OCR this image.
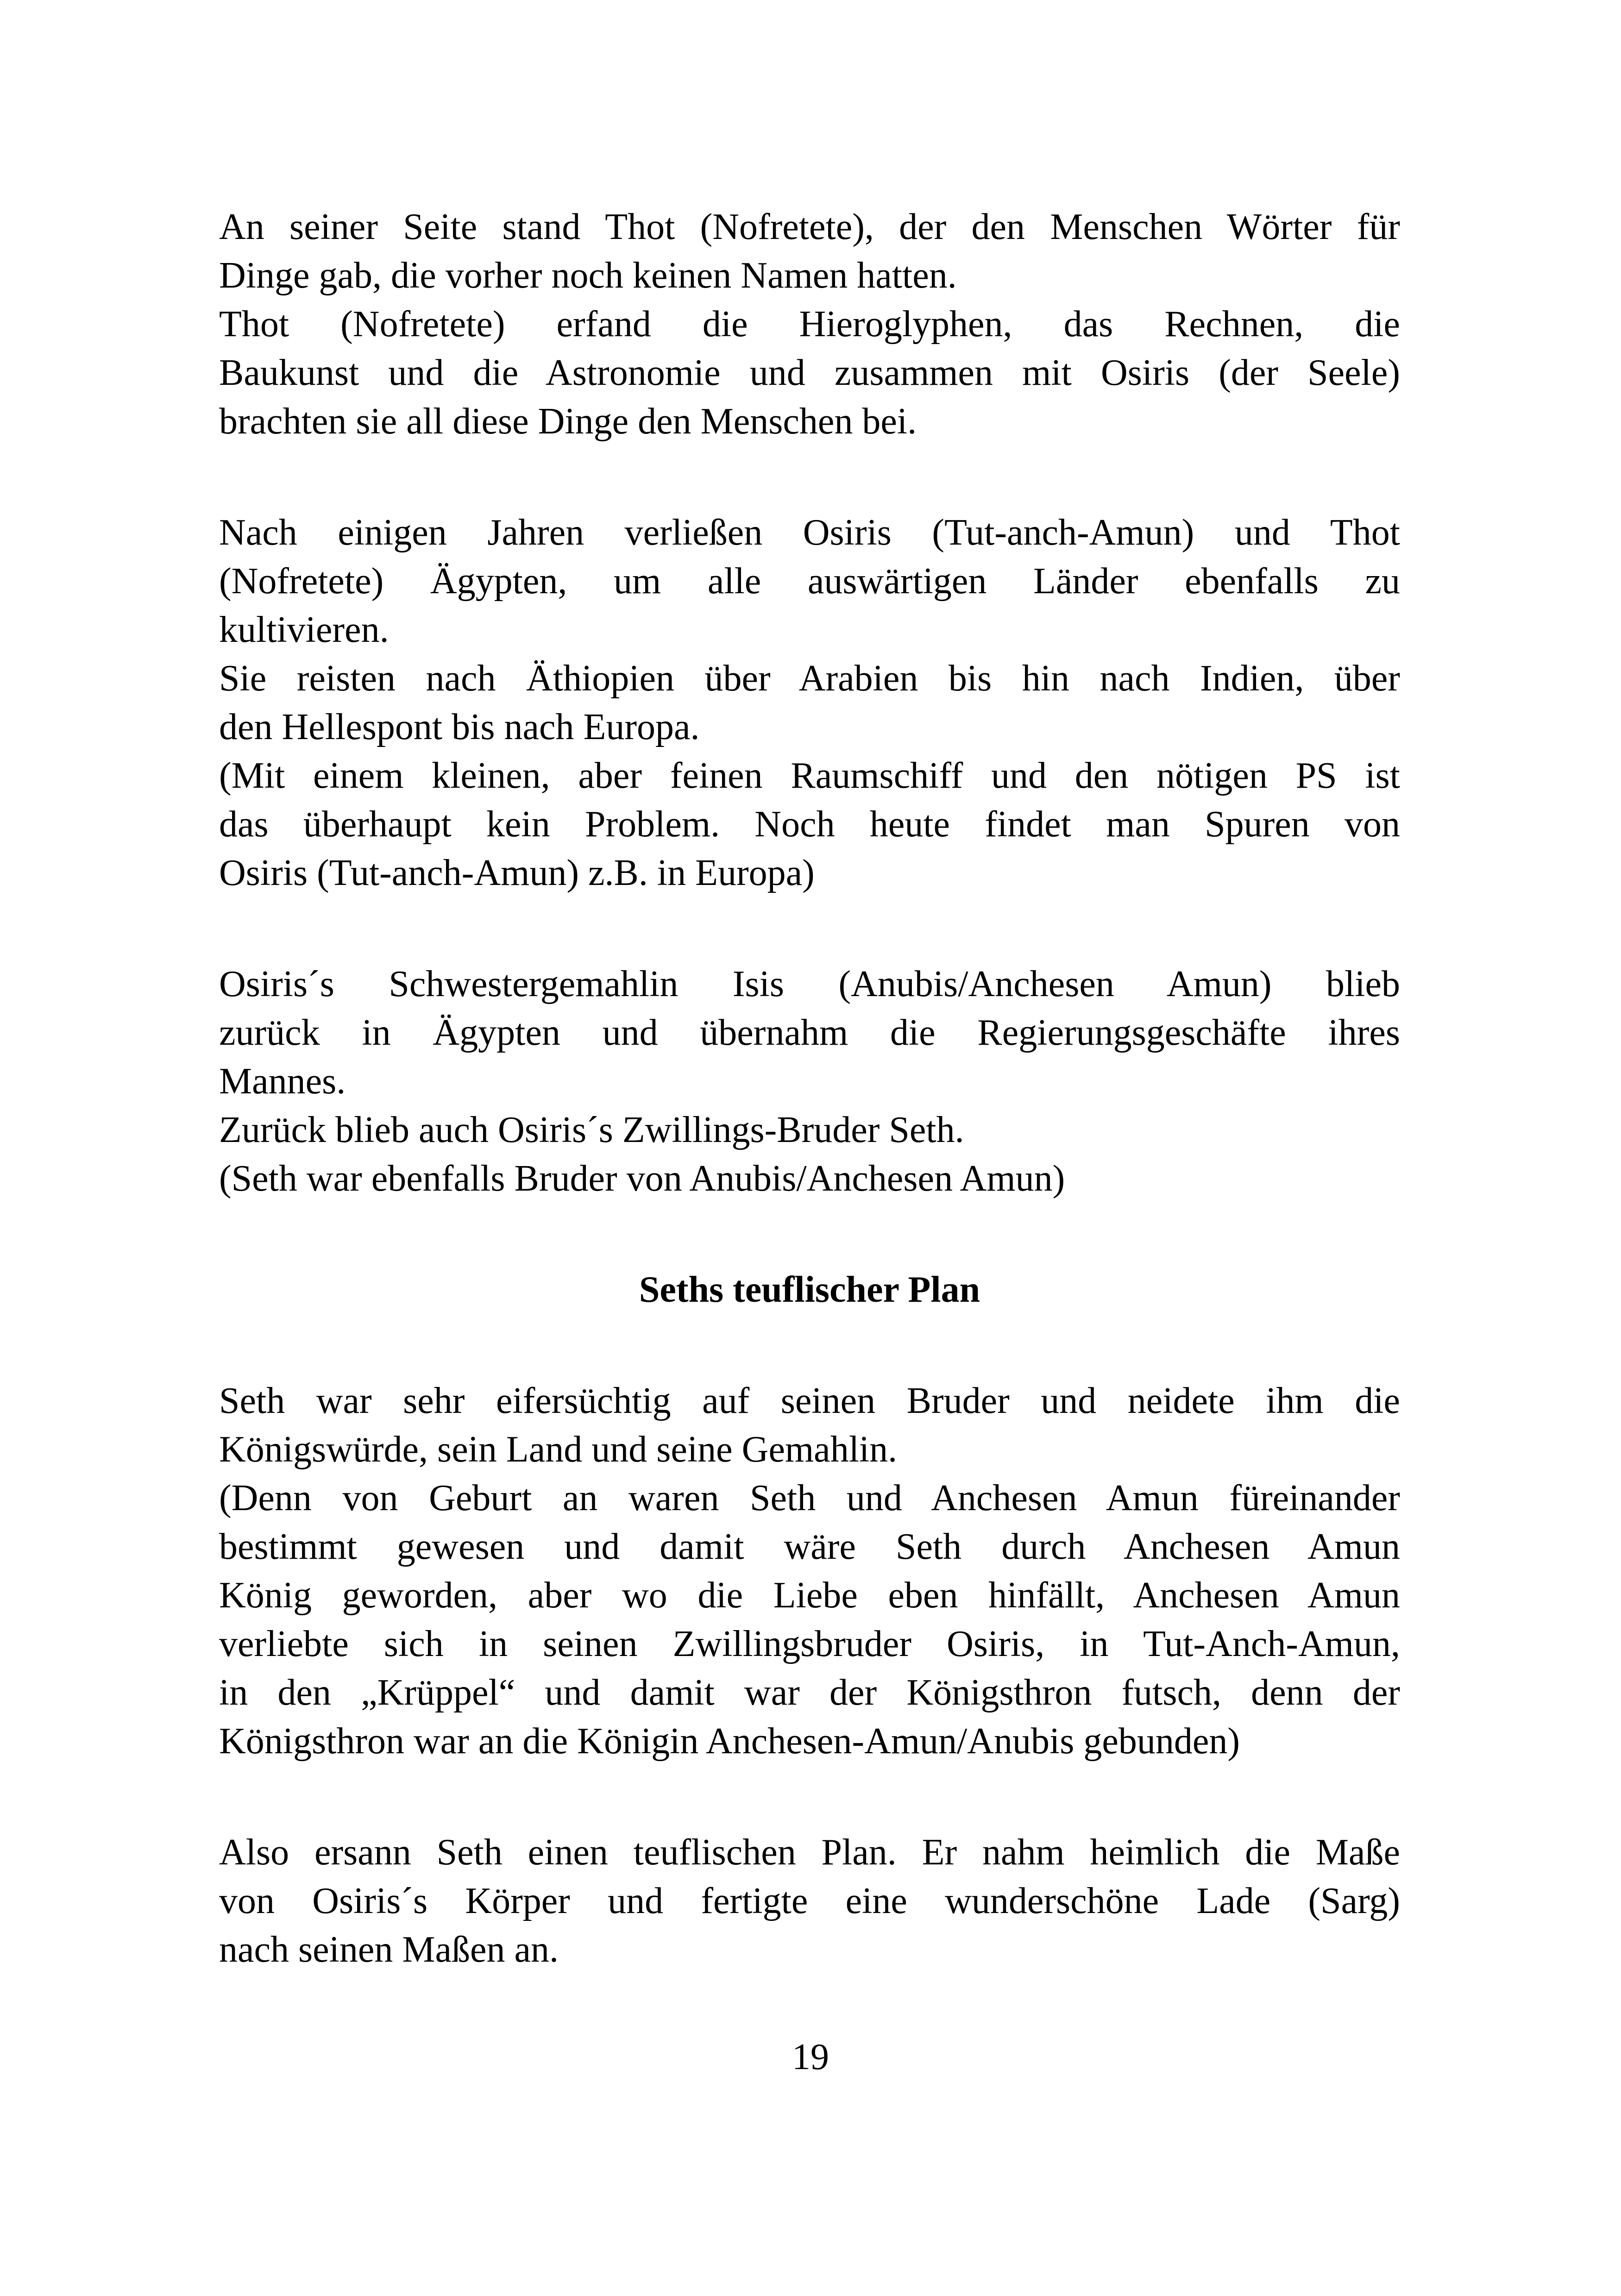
An seiner Seite stand Thot (Nofretete), der den Menschen Wörter für
Dinge gab, die vorher noch keinen Namen hatten.

Thot (Nofretete) erfand die Hieroglyphen, das Rechnen, die
Baukunst und die Astronomie und zusammen mit Osiris (der Seele)
brachten sie all diese Dinge den Menschen bei.

Nach einigen Jahren verließen Osiris (Tut-anch-Amun) und Thot
(Nofretete) Ägypten, um alle auswärtigen Länder ebenfalls zu
kultivieren.

Sie reisten nach Äthiopien über Arabien bis hin nach Indien, über
den Hellespont bis nach Europa.

(Mit einem kleinen, aber feinen Raumschiff und den nötigen PS ist
das überhaupt kein Problem. Noch heute findet man Spuren von
Osiris (Tut-anch-Amun) z.B. in Europa)

Osiris´s Schwestergemahlin Isis (Anubis/Anchesen Amun) blieb
zurück in Ägypten und übernahm die Regierungsgeschäfte ihres
Mannes.

Zurück blieb auch Osiris´s Zwillings-Bruder Seth.

(Seth war ebenfalls Bruder von Anubis/Anchesen Amun)

Seths teuflischer Plan

Seth war sehr eifersüchtig auf seinen Bruder und neidete ihm die
Königswürde, sein Land und seine Gemahlin.

(Denn von Geburt an waren Seth und Anchesen Amun füreinander
bestimmt gewesen und damit wäre Seth durch Anchesen Amun
König geworden, aber wo die Liebe eben hinfällt, Anchesen Amun
verliebte sich in seinen Zwillingsbruder Osiris, in Tut-Anch-Amun,
in den „Krüppel“ und damit war der Königsthron futsch, denn der
Königsthron war an die Königin Anchesen-Amun/Anubis gebunden)

Also ersann Seth einen teuflischen Plan. Er nahm heimlich die Maße
von Osiris´s Körper und fertigte eine wunderschöne Lade (Sarg)
nach seinen Maßen an.

19
